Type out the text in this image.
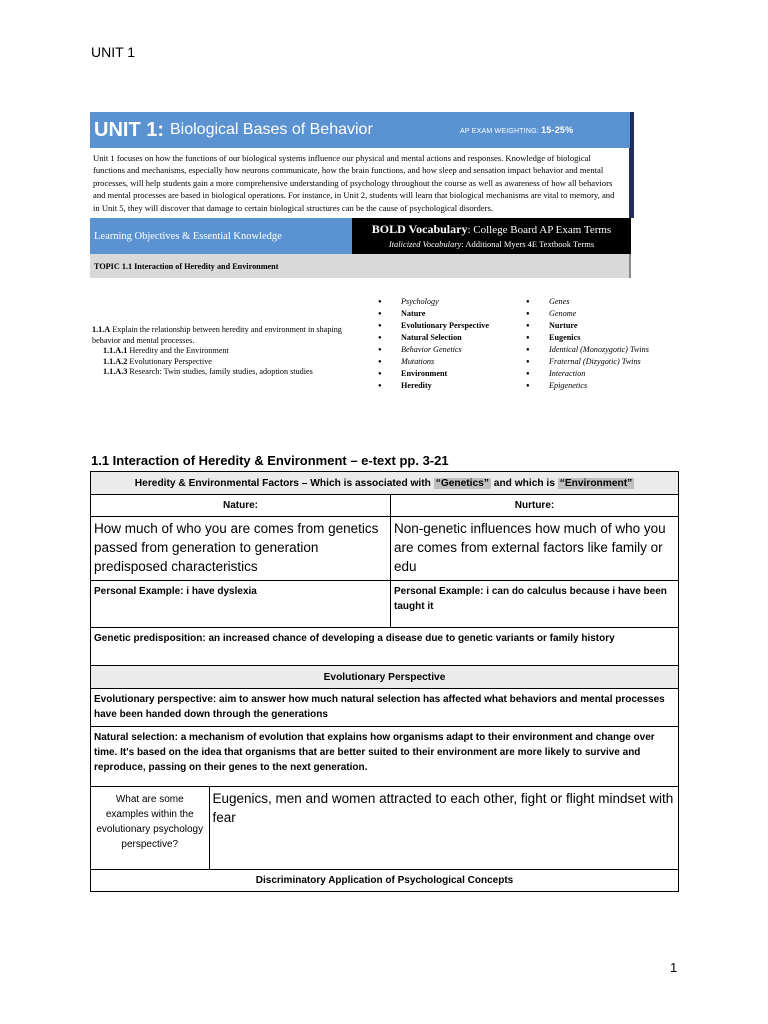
UNIT 1
UNIT 1: Biological Bases of Behavior	AP EXAM WEIGHTING: 15-25%
Unit 1 focuses on how the functions of our biological systems influence our physical and mental actions and responses. Knowledge of biological functions and mechanisms, especially how neurons communicate, how the brain functions, and how sleep and sensation impact behavior and mental processes, will help students gain a more comprehensive understanding of psychology throughout the course as well as awareness of how all behaviors and mental processes are based in biological operations. For instance, in Unit 2, students will learn that biological mechanisms are vital to memory, and in Unit 5, they will discover that damage to certain biological structures can be the cause of psychological disorders.
Learning Objectives & Essential Knowledge	BOLD Vocabulary: College Board AP Exam Terms
Italicized Vocabulary: Additional Myers 4E Textbook Terms
TOPIC 1.1 Interaction of Heredity and Environment
1.1.A Explain the relationship between heredity and environment in shaping behavior and mental processes.
1.1.A.1 Heredity and the Environment
1.1.A.2 Evolutionary Perspective
1.1.A.3 Research: Twin studies, family studies, adoption studies
● Psychology
● Nature
● Evolutionary Perspective
● Natural Selection
● Behavior Genetics
● Mutations
● Environment
● Heredity
● Genes
● Genome
● Nurture
● Eugenics
● Identical (Monozygotic) Twins
● Fraternal (Dizygotic) Twins
● Interaction
● Epigenetics
1.1 Interaction of Heredity & Environment – e-text pp. 3-21
Heredity & Environmental Factors – Which is associated with “Genetics” and which is “Environment”
Nature:	Nurture:
How much of who you are comes from genetics passed from generation to generation predisposed characteristics	Non-genetic influences how much of who you are comes from external factors like family or edu
Personal Example: i have dyslexia	Personal Example: i can do calculus because i have been taught it
Genetic predisposition: an increased chance of developing a disease due to genetic variants or family history
Evolutionary Perspective
Evolutionary perspective: aim to answer how much natural selection has affected what behaviors and mental processes have been handed down through the generations
Natural selection: a mechanism of evolution that explains how organisms adapt to their environment and change over time. It's based on the idea that organisms that are better suited to their environment are more likely to survive and reproduce, passing on their genes to the next generation.

What are some examples within the evolutionary psychology perspective?	Eugenics, men and women attracted to each other, fight or flight mindset with fear

Discriminatory Application of Psychological Concepts
1
